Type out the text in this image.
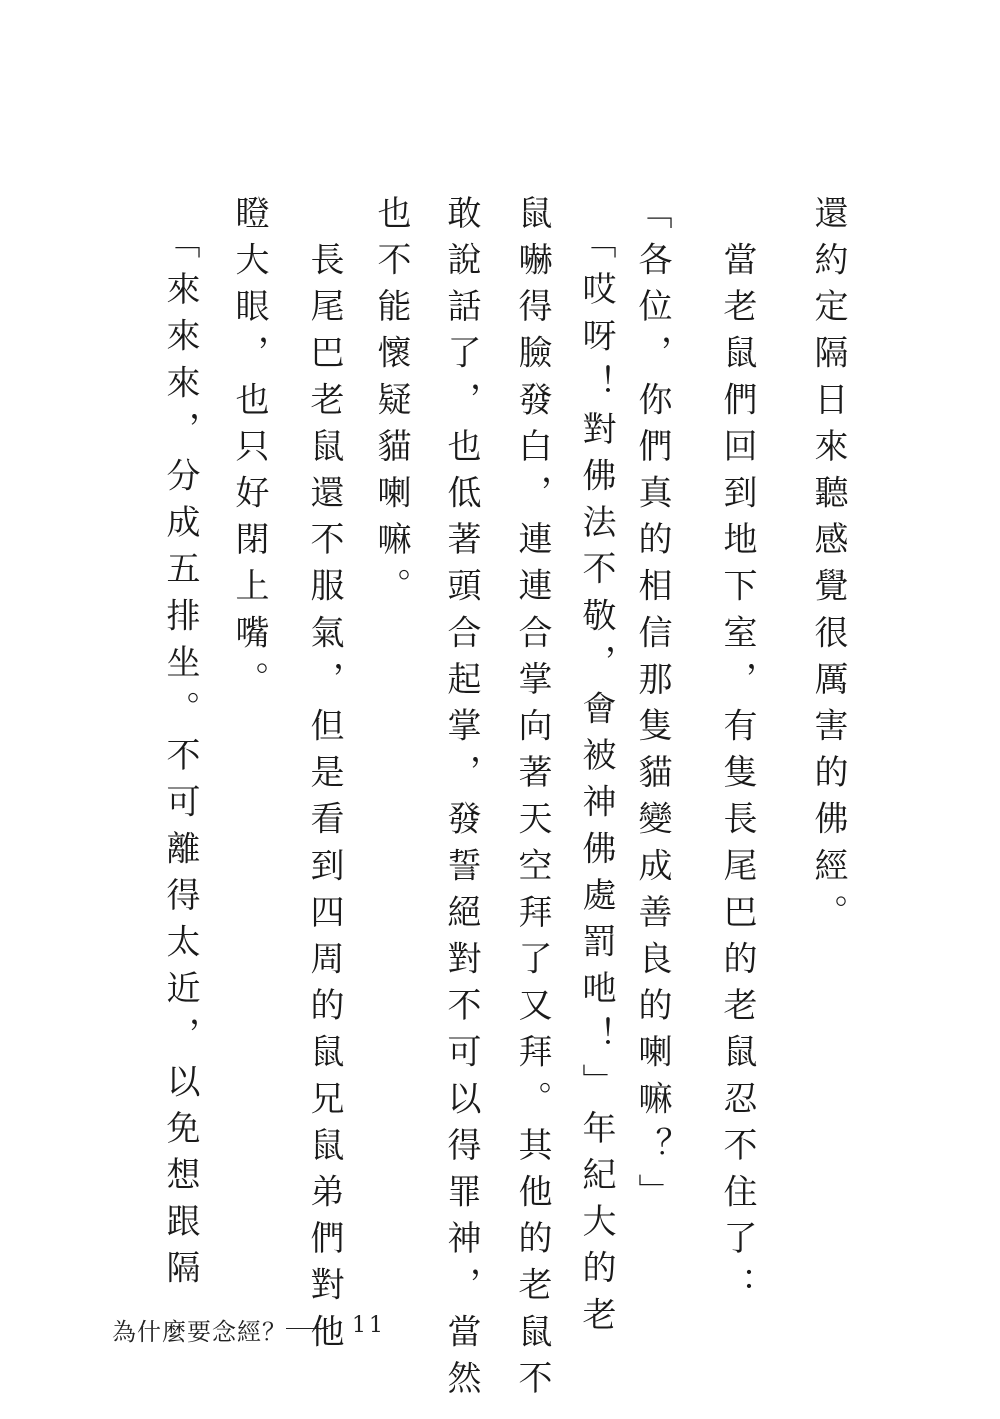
還約定隔日來聽感覺很厲害的佛經。
　當老鼠們回到地下室，有隻長尾巴的老鼠忍不住了：
「各位，你們真的相信那隻貓變成善良的喇嘛？」
　「哎呀！對佛法不敬，會被神佛處罰吔！」年紀大的老
鼠嚇得臉發白，連連合掌向著天空拜了又拜。其他的老鼠不
敢說話了，也低著頭合起掌，發誓絕對不可以得罪神，當然
也不能懷疑貓喇嘛。
　長尾巴老鼠還不服氣，但是看到四周的鼠兄鼠弟們對他
瞪大眼，也只好閉上嘴。
　「來來來，分成五排坐。不可離得太近，以免想跟隔
為什麼要念經？	11
